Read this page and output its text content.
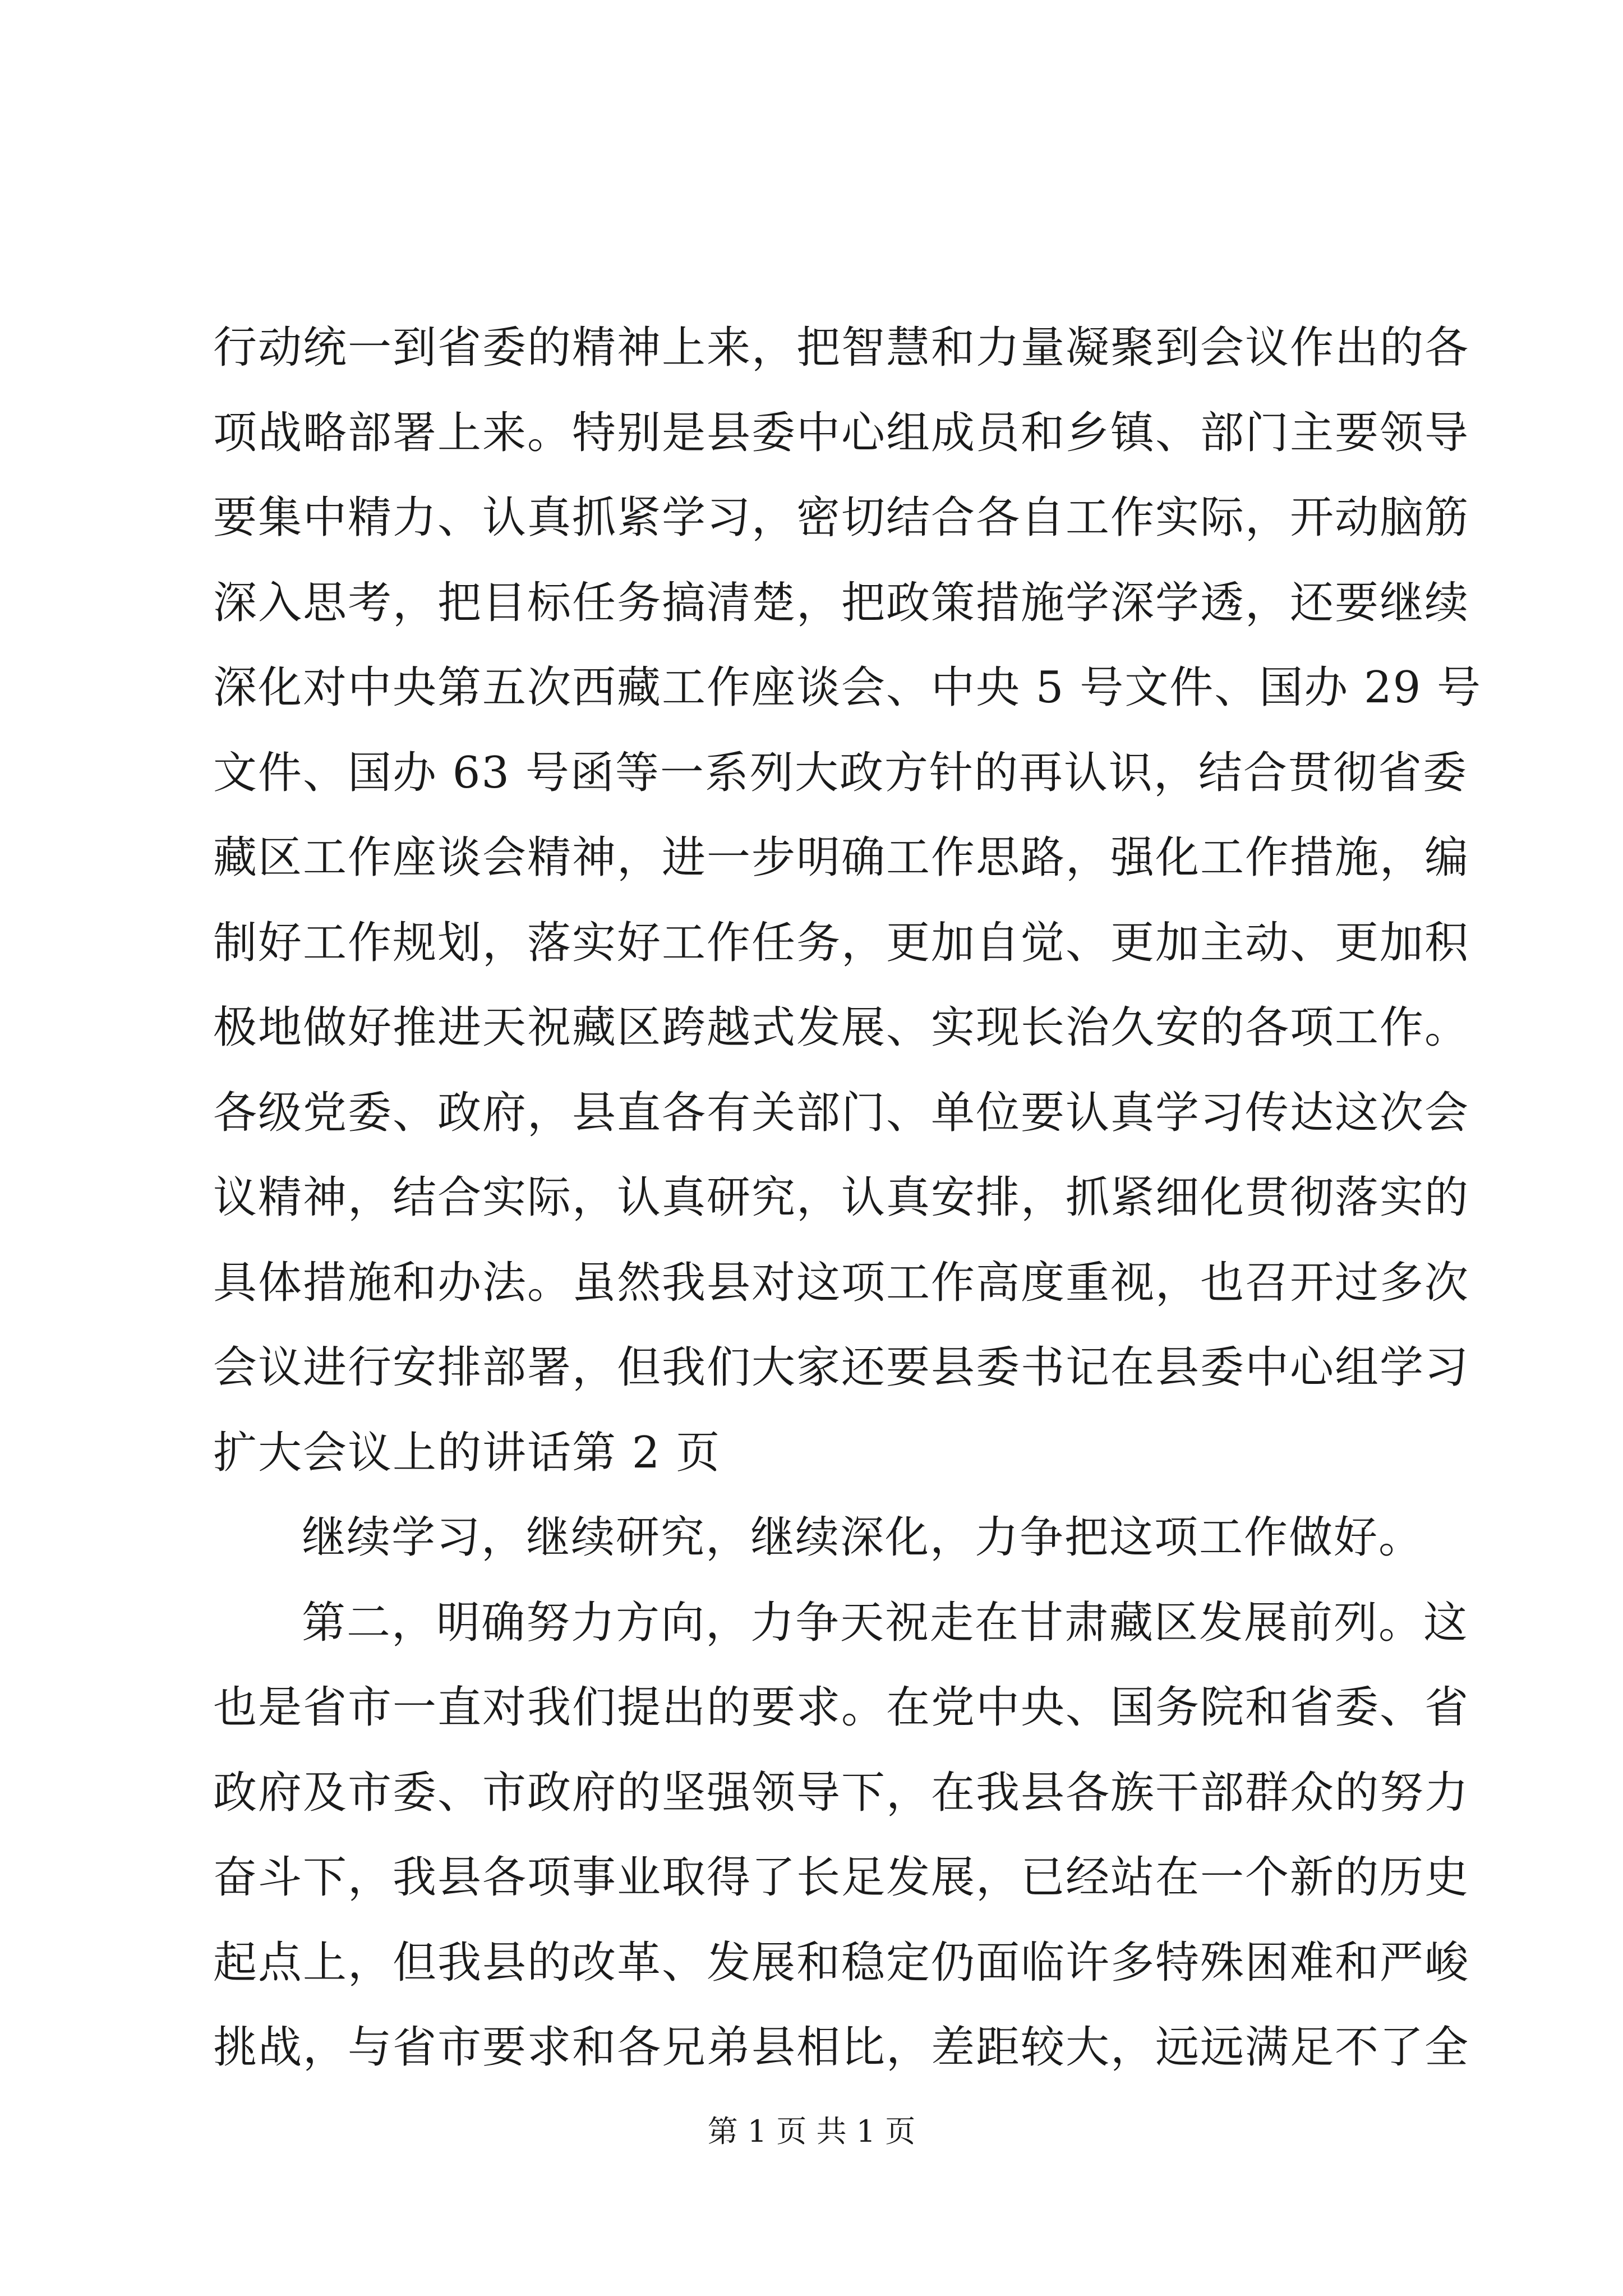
行动统一到省委的精神上来，把智慧和力量凝聚到会议作出的各
项战略部署上来。特别是县委中心组成员和乡镇、部门主要领导
要集中精力、认真抓紧学习，密切结合各自工作实际，开动脑筋
深入思考，把目标任务搞清楚，把政策措施学深学透，还要继续
深化对中央第五次西藏工作座谈会、中央 5 号文件、国办 29 号
文件、国办 63 号函等一系列大政方针的再认识，结合贯彻省委
藏区工作座谈会精神，进一步明确工作思路，强化工作措施，编
制好工作规划，落实好工作任务，更加自觉、更加主动、更加积
极地做好推进天祝藏区跨越式发展、实现长治久安的各项工作。
各级党委、政府，县直各有关部门、单位要认真学习传达这次会
议精神，结合实际，认真研究，认真安排，抓紧细化贯彻落实的
具体措施和办法。虽然我县对这项工作高度重视，也召开过多次
会议进行安排部署，但我们大家还要县委书记在县委中心组学习
扩大会议上的讲话第 2 页
继续学习，继续研究，继续深化，力争把这项工作做好。
第二，明确努力方向，力争天祝走在甘肃藏区发展前列。这
也是省市一直对我们提出的要求。在党中央、国务院和省委、省
政府及市委、市政府的坚强领导下，在我县各族干部群众的努力
奋斗下，我县各项事业取得了长足发展，已经站在一个新的历史
起点上，但我县的改革、发展和稳定仍面临许多特殊困难和严峻
挑战，与省市要求和各兄弟县相比，差距较大，远远满足不了全
第 1 页 共 1 页
